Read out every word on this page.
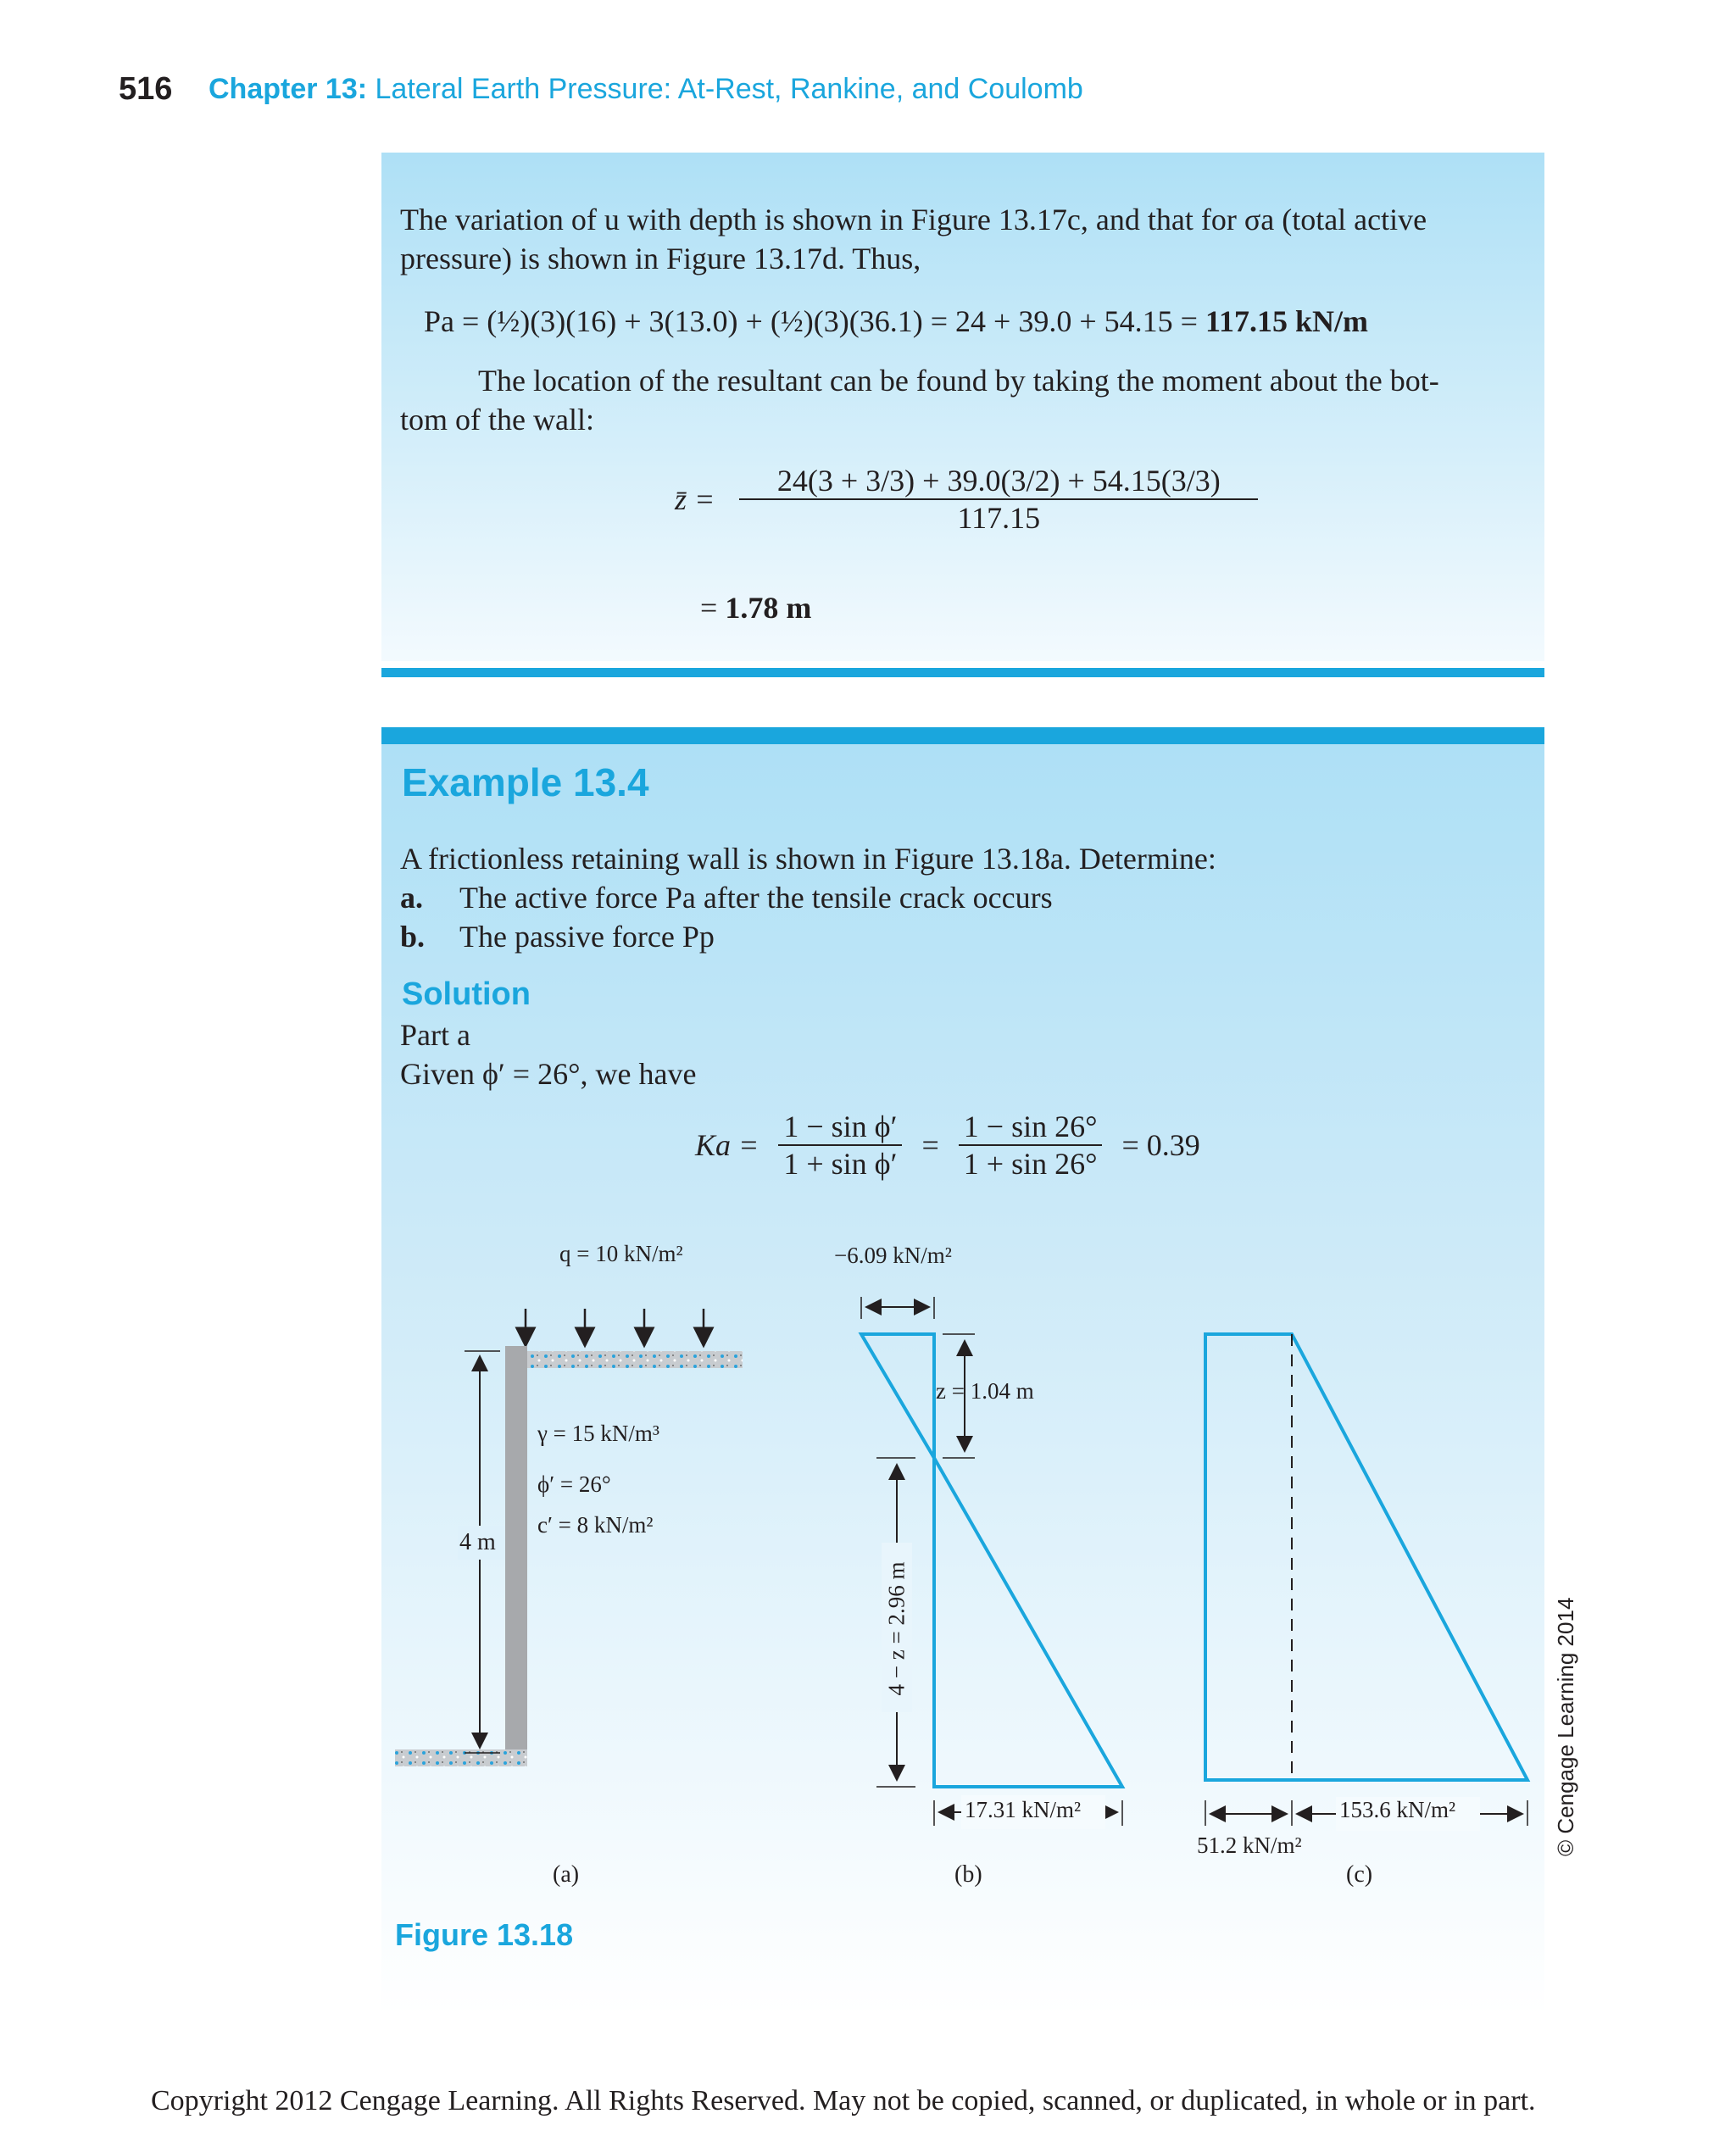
516 Chapter 13: Lateral Earth Pressure: At-Rest, Rankine, and Coulomb
The variation of u with depth is shown in Figure 13.17c, and that for σa (total active
pressure) is shown in Figure 13.17d. Thus,
Pa = (½)(3)(16) + 3(13.0) + (½)(3)(36.1) = 24 + 39.0 + 54.15 = 117.15 kN/m
The location of the resultant can be found by taking the moment about the bot-
tom of the wall:
z̄ = $\frac{24(3 + 3/3) + 39.0(3/2) + 54.15(3/3)}{117.15}$
= 1.78 m
Example 13.4
A frictionless retaining wall is shown in Figure 13.18a. Determine:
a. The active force Pa after the tensile crack occurs
b. The passive force Pp
Solution
Part a
Given ϕ′ = 26°, we have
$Ka = \frac{\text{1 − sin ϕ′}}{\text{1 + sin ϕ′}} = \frac{1 - \sin 26^\circ}{1 + \sin 26^\circ} = 0.39$
q = 10 kN/m²
γ = 15 kN/m³
ϕ′ = 26°
c′ = 8 kN/m²
4 m
(a)
−6.09 kN/m²
z = 1.04 m
4 − z = 2.96 m
17.31 kN/m²
(b)
51.2 kN/m²
153.6 kN/m²
(c)
© Cengage Learning 2014
Figure 13.18
Copyright 2012 Cengage Learning. All Rights Reserved. May not be copied, scanned, or duplicated, in whole or in part.
